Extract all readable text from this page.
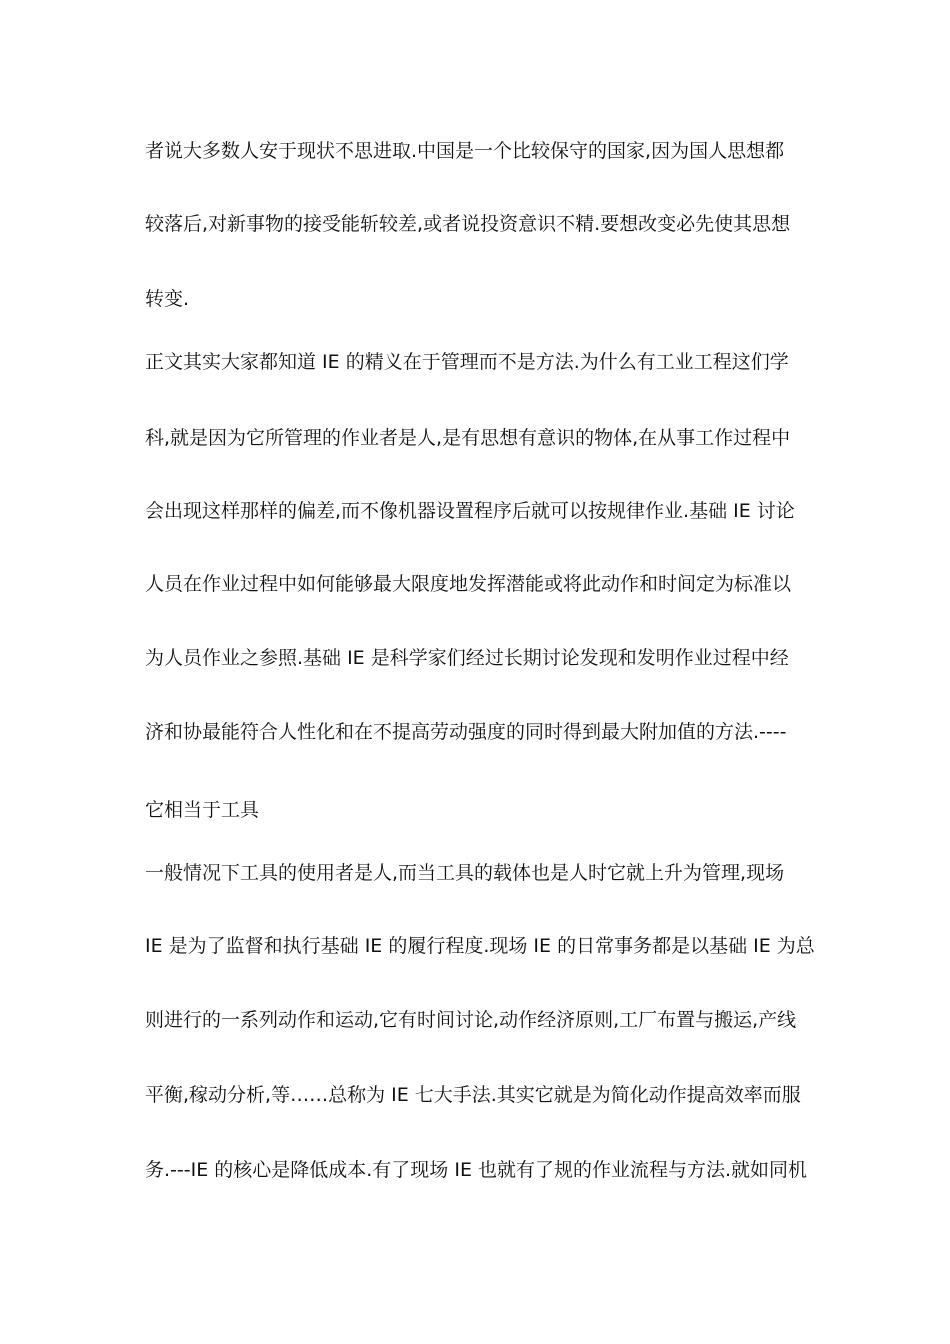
者说大多数人安于现状不思进取.中国是一个比较保守的国家,因为国人思想都
较落后,对新事物的接受能斩较差,或者说投资意识不精.要想改变必先使其思想
转变.
正文其实大家都知道 IE 的精义在于管理而不是方法.为什么有工业工程这们学
科,就是因为它所管理的作业者是人,是有思想有意识的物体,在从事工作过程中
会出现这样那样的偏差,而不像机器设置程序后就可以按规律作业.基础 IE 讨论
人员在作业过程中如何能够最大限度地发挥潜能或将此动作和时间定为标准以
为人员作业之参照.基础 IE 是科学家们经过长期讨论发现和发明作业过程中经
济和协最能符合人性化和在不提高劳动强度的同时得到最大附加值的方法.----
它相当于工具
一般情况下工具的使用者是人,而当工具的载体也是人时它就上升为管理,现场
IE 是为了监督和执行基础 IE 的履行程度.现场 IE 的日常事务都是以基础 IE 为总
则进行的一系列动作和运动,它有时间讨论,动作经济原则,工厂布置与搬运,产线
平衡,稼动分析,等……总称为 IE 七大手法.其实它就是为简化动作提高效率而服
务.---IE 的核心是降低成本.有了现场 IE 也就有了规的作业流程与方法.就如同机
